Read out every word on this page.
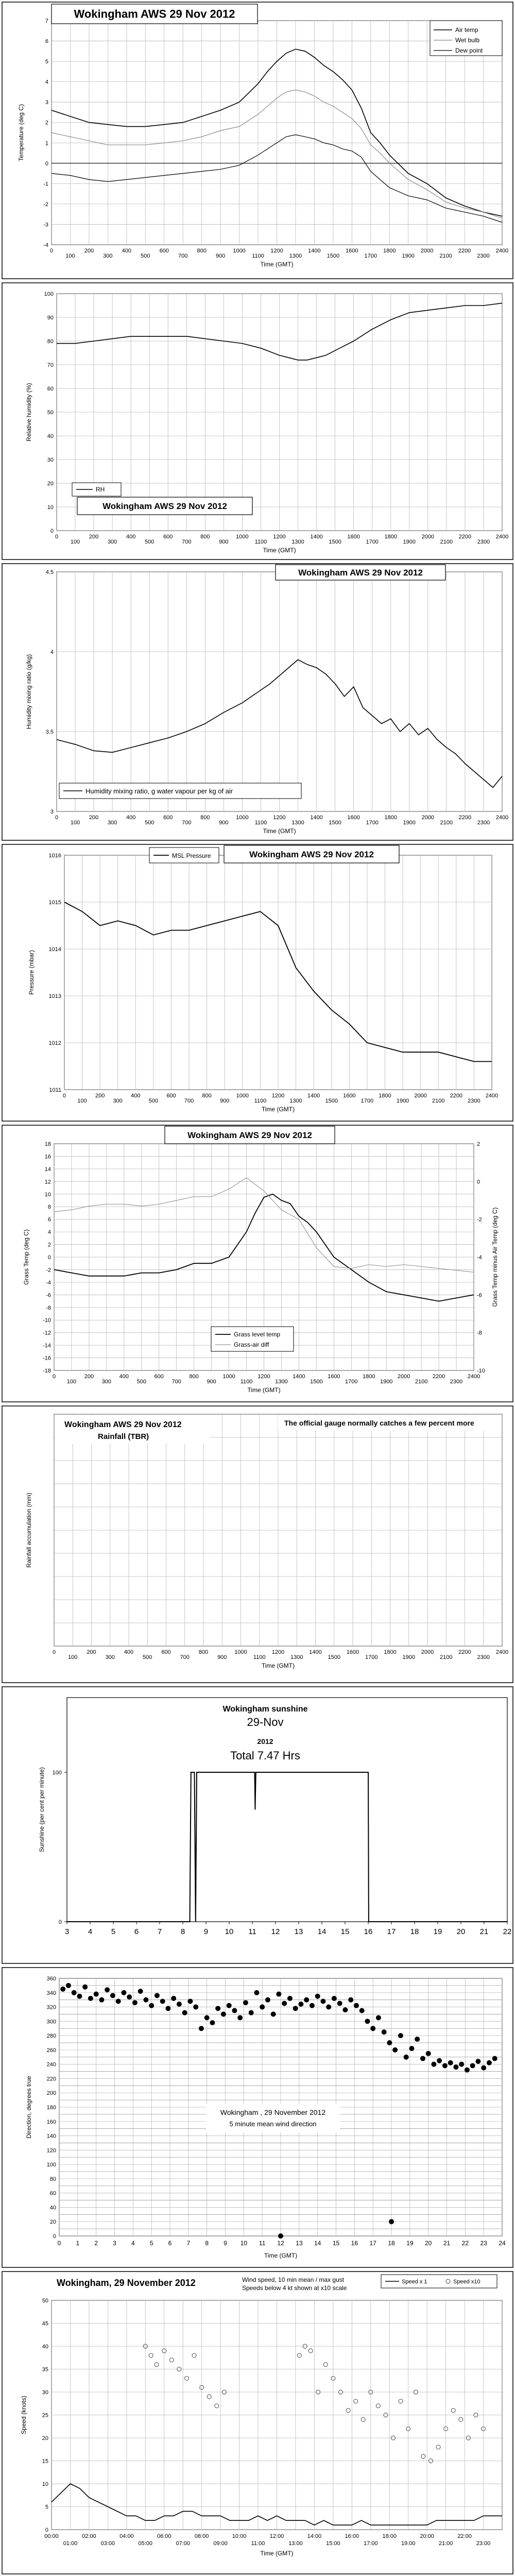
-4
-3
-2
-1
0
1
2
3
4
5
6
7
0
100
200
300
400
500
600
700
800
900
1000
1100
1200
1300
1400
1500
1600
1700
1800
1900
2000
2100
2200
2300
2400
Time (GMT)
Temperature (deg C)
Wokingham AWS 29 Nov 2012
Air temp
Wet bulb
Dew point
0
10
20
30
40
50
60
70
80
90
100
0
100
200
300
400
500
600
700
800
900
1000
1100
1200
1300
1400
1500
1600
1700
1800
1900
2000
2100
2200
2300
2400
Time (GMT)
Relative humidity (%)
RH
Wokingham AWS 29 Nov 2012
3
3.5
4
4.5
0
100
200
300
400
500
600
700
800
900
1000
1100
1200
1300
1400
1500
1600
1700
1800
1900
2000
2100
2200
2300
2400
Time (GMT)
Humidity mixing ratio (g/kg)
Wokingham AWS 29 Nov 2012
Humidity mixing ratio, g water vapour per kg of air
1011
1012
1013
1014
1015
1016
0
100
200
300
400
500
600
700
800
900
1000
1100
1200
1300
1400
1500
1600
1700
1800
1900
2000
2100
2200
2300
2400
Time (GMT)
Pressure (mbar)
MSL Pressure	Wokingham AWS 29 Nov 2012
-18
-16
-14
-12
-10
-8
-6
-4
-2
0
2
4
6
8
10
12
14
16
18
-10
-8
-6
-4
-2
0
2
0
100
200
300
400
500
600
700
800
900
1000
1100
1200
1300
1400
1500
1600
1700
1800
1900
2000
2100
2200
2300
2400
Time (GMT)
Grass Temp (deg C)	Grass Temp minus Air Temp (deg C)
Wokingham AWS 29 Nov 2012
Grass level temp
Grass-air diff
0
100
200
300
400
500
600
700
800
900
1000
1100
1200
1300
1400
1500
1600
1700
1800
1900
2000
2100
2200
2300
2400
Time (GMT)
Rainfall accumulation (mm)
Wokingham AWS 29 Nov 2012
Rainfall (TBR)
The official gauge normally catches a few percent more
0
100
3 4 5 6 7 8 9 10 11 12 13 14 15 16 17 18 19 20 21 22
Sunshine (per cent per minute)
Wokingham sunshine
29-Nov
2012
Total 7.47 Hrs
0
20
40
60
80
100
120
140
160
180
200
220
240
260
280
300
320
340
360
0 1 2 3 4 5 6 7 8 9 10 11 12 13 14 15 16 17 18 19 20 21 22 23 24
Time (GMT)
Direction, degrees true	Wokingham , 29 November 2012
5 minute mean wind direction
0
5
10
15
20
25
30
35
40
45
50
00:00	02:00	04:00	06:00	08:00	10:00	12:00	14:00	16:00	18:00	20:00	22:00
01:00	03:00	05:00	07:00	09:00	11:00	13:00	15:00	17:00	19:00	21:00	23:00
Time (GMT)
Speed (knots)
Wokingham, 29 November 2012	Wind speed, 10 min mean / max gust
Speeds below 4 kt shown at x10 scale
Speed x 1	Speed x10
